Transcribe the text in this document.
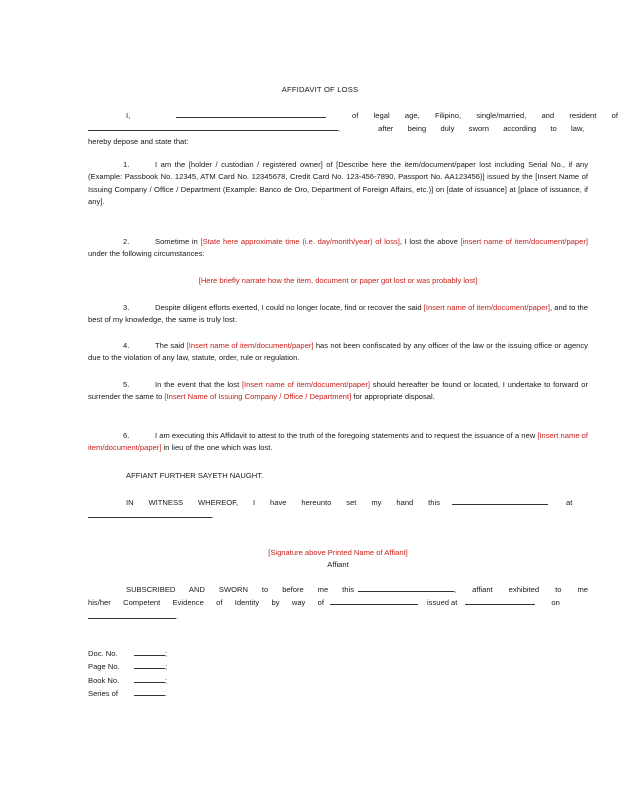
AFFIDAVIT OF LOSS
I,	of legal age, Filipino, single/married, and resident of
,	after being duly sworn according to law,
hereby depose and state that:
1.	I am the [holder / custodian / registered owner] of [Describe here the item/document/paper lost including Serial No., if any (Example: Passbook No. 12345, ATM Card No. 12345678, Credit Card No. 123-456-7890, Passport No. AA123456)] issued by the [Insert Name of Issuing Company / Office / Department (Example: Banco de Oro, Department of Foreign Affairs, etc.)] on [date of issuance] at [place of issuance, if any].
2.	Sometime in [State here approximate time (i.e. day/month/year) of loss], I lost the above [insert name of item/document/paper] under the following circumstances:
[Here briefly narrate how the item, document or paper got lost or was probably lost]
3.	Despite diligent efforts exerted, I could no longer locate, find or recover the said [Insert name of item/document/paper], and to the best of my knowledge, the same is truly lost.
4.	The said [Insert name of item/document/paper] has not been confiscated by any officer of the law or the issuing office or agency due to the violation of any law, statute, order, rule or regulation.
5.	In the event that the lost [Insert name of item/document/paper] should hereafter be found or located, I undertake to forward or surrender the same to [Insert Name of Issuing Company / Office / Department] for appropriate disposal.
6.	I am executing this Affidavit to attest to the truth of the foregoing statements and to request the issuance of a new [Insert name of item/document/paper] in lieu of the one which was lost.
AFFIANT FURTHER SAYETH NAUGHT.
IN WITNESS WHEREOF, I have hereunto set my hand this	at
.
[Signature above Printed Name of Affiant]
Affiant
SUBSCRIBED AND SWORN to before me this	, affiant exhibited to me
his/her Competent Evidence of Identity by way of	issued at	on
.
Doc. No.	;
Page No.	;
Book No.	;
Series of	.
